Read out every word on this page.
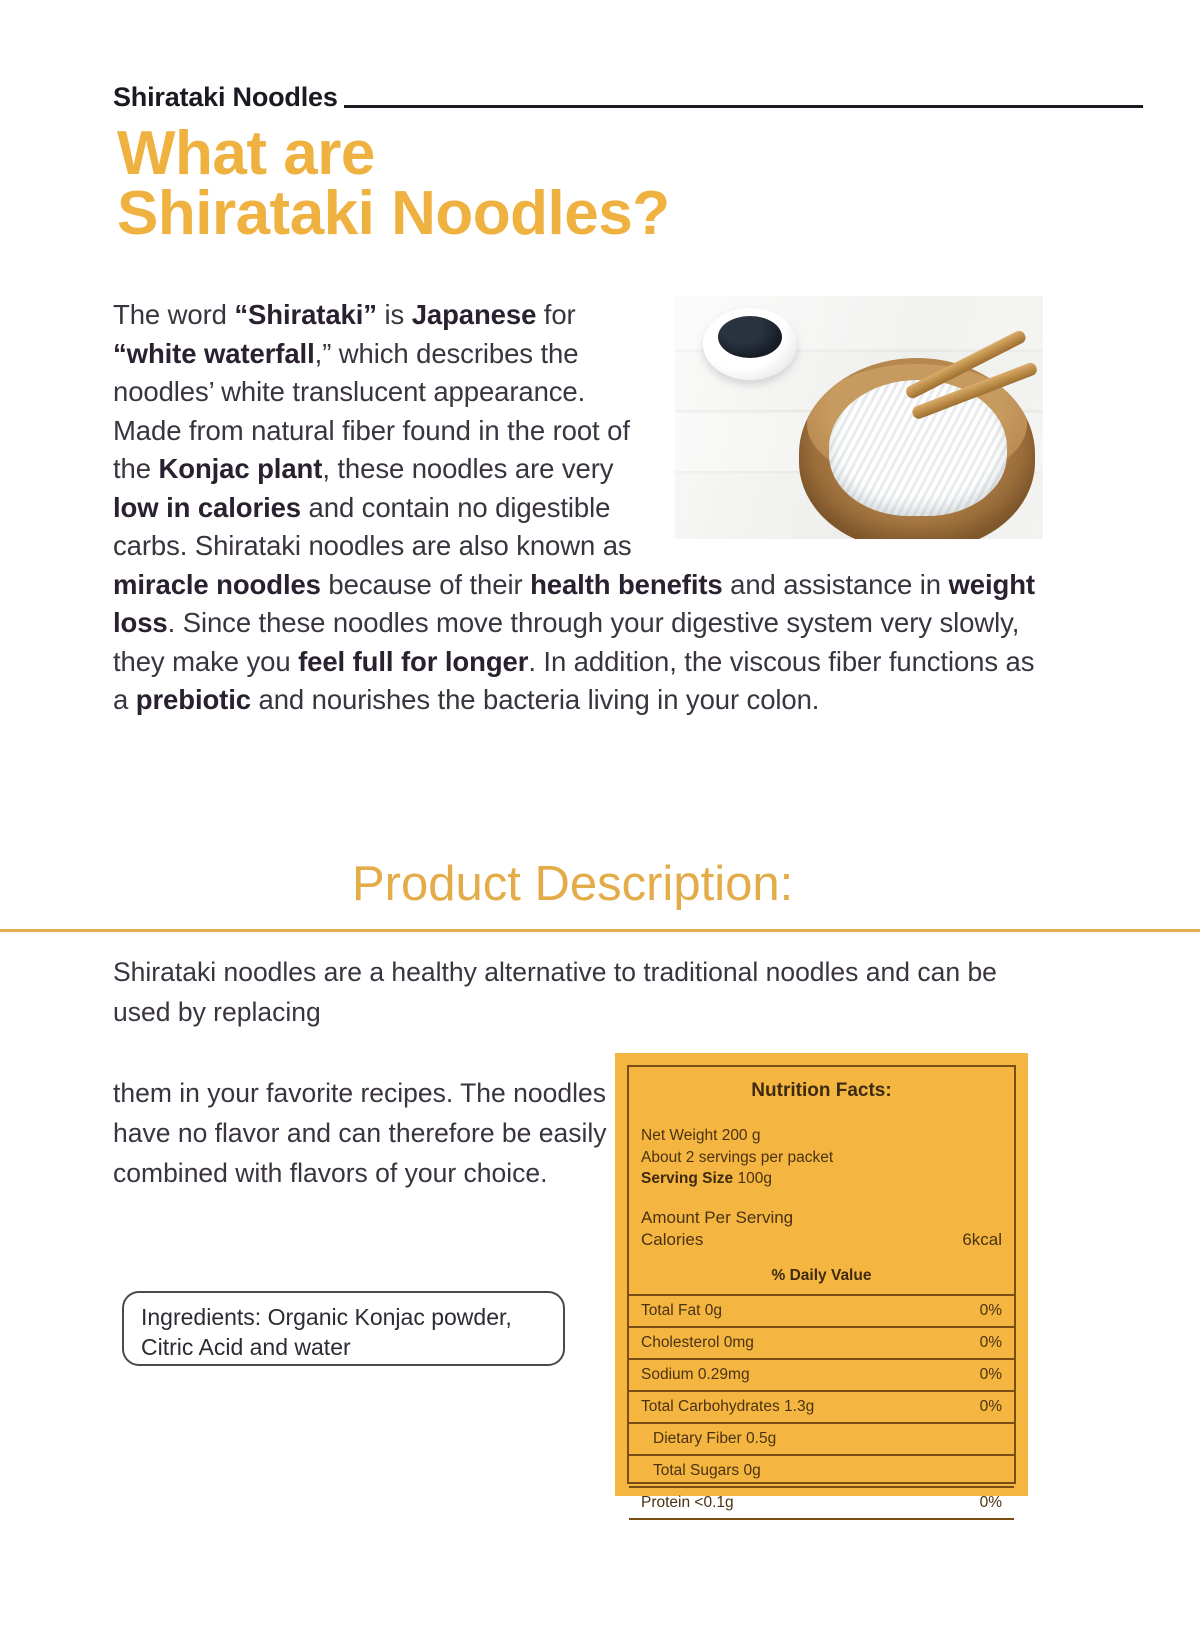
Shirataki Noodles
What are
Shirataki Noodles?
The word “Shirataki” is Japanese for “white waterfall,” which describes the noodles’ white translucent appearance. Made from natural fiber found in the root of the Konjac plant, these noodles are very low in calories and contain no digestible carbs. Shirataki noodles are also known as miracle noodles because of their health benefits and assistance in weight loss. Since these noodles move through your digestive system very slowly, they make you feel full for longer. In addition, the viscous fiber functions as a prebiotic and nourishes the bacteria living in your colon.
Product Description:

Shirataki noodles are a healthy alternative to traditional noodles and can be used by replacing

them in your favorite recipes. The noodles have no flavor and can therefore be easily combined with flavors of your choice.

Ingredients: Organic Konjac powder, Citric Acid and water
Nutrition Facts:
Net Weight 200 g
About 2 servings per packet
Serving Size 100g
Amount Per Serving
Calories	6kcal
% Daily Value
Total Fat 0g	0%
Cholesterol 0mg	0%
Sodium 0.29mg	0%
Total Carbohydrates 1.3g	0%
Dietary Fiber 0.5g
Total Sugars 0g
Protein <0.1g	0%
